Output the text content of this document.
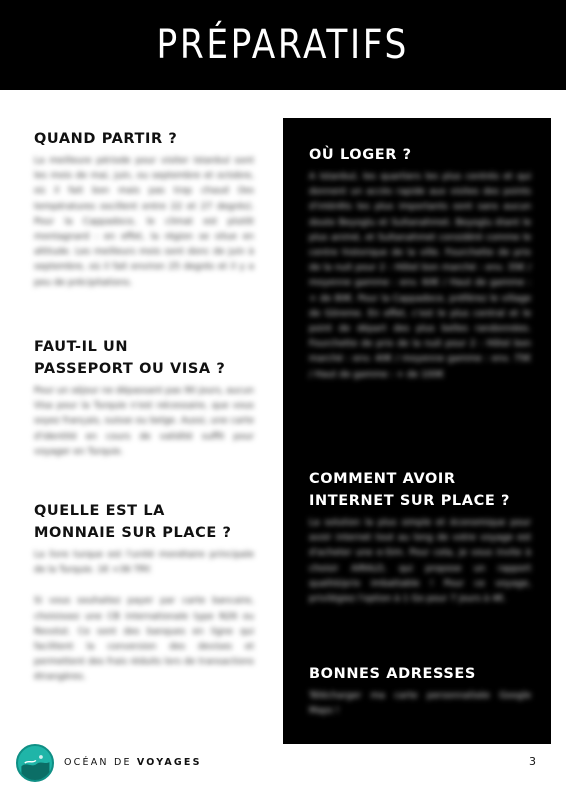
PRÉPARATIFS
QUAND PARTIR ?

La meilleure période pour visiter Istanbul sont les mois de mai, juin, ou septembre et octobre, où il fait bon mais pas trop chaud (les températures oscillent entre 22 et 27 degrés). Pour la Cappadoce, le climat est plutôt montagnard : en effet, la région se situe en altitude. Les meilleurs mois sont donc de juin à septembre, où il fait environ 25 degrés et il y a peu de précipitations.

FAUT-IL UN
PASSEPORT OU VISA ?

Pour un séjour ne dépassant pas 90 jours, aucun Visa pour la Turquie n'est nécessaire, que vous soyez français, suisse ou belge. Aussi, une carte d'identité en cours de validité suffit pour voyager en Turquie.

QUELLE EST LA
MONNAIE SUR PLACE ?

La livre turque est l'unité monétaire principale de la Turquie. 1€ =36 TRY.

Si vous souhaitez payer par carte bancaire, choisissez une CB internationale type N26 ou Revolut. Ce sont des banques en ligne qui facilitent la conversion des devises et permettent des frais réduits lors de transactions étrangères.

OÙ LOGER ?

A Istanbul, les quartiers les plus centrés et qui donnent un accès rapide aux visites des points d'intérêts les plus importants sont sans aucun doute Beyoglu et Sultanahmet. Beyoglu étant le plus animé, et Sultanahmet considéré comme le centre historique de la ville. Fourchette de prix de la nuit pour 2 : Hôtel bon marché : env. 35€ / moyenne gamme : env. 60€ / Haut de gamme : + de 80€. Pour la Cappadoce, préférez le village de Göreme. En effet, c'est le plus central et le point de départ des plus belles randonnées. Fourchette de prix de la nuit pour 2 : Hôtel bon marché : env. 40€ / moyenne gamme : env. 75€ / Haut de gamme : + de 100€

COMMENT AVOIR
INTERNET SUR PLACE ?

La solution la plus simple et économique pour avoir internet tout au long de votre voyage est d'acheter une e-Sim. Pour cela, je vous invite à choisir AIRALO, qui propose un rapport qualité/prix imbattable ! Pour ce voyage, privilégiez l'option à 1 Go pour 7 jours à 4€.

BONNES ADRESSES

Télécharger ma carte personnalisée Google Maps !

OCÉAN DE VOYAGES	3
